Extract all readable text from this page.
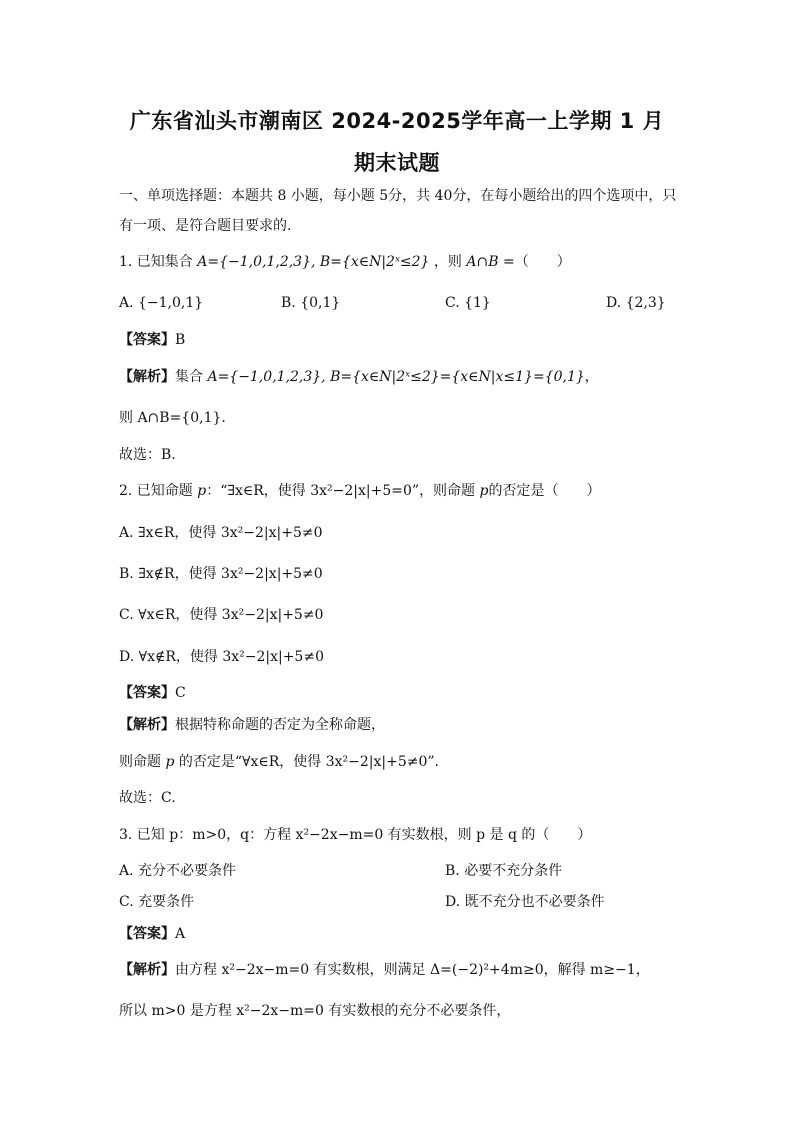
广东省汕头市潮南区 2024-2025学年高一上学期 1 月
期末试题
一、单项选择题：本题共 8 小题，每小题 5分，共 40分，在每小题给出的四个选项中，只
有一项、是符合题目要求的.
1. 已知集合 A={−1,0,1,2,3}, B={x∈N|2ˣ≤2} ，则 A∩B =（　　）
A. {−1,0,1}	B. {0,1}	C. {1}	D. {2,3}
【答案】B
【解析】集合 A={−1,0,1,2,3}, B={x∈N|2ˣ≤2}={x∈N|x≤1}={0,1}，
则 A∩B={0,1}.
故选：B.
2. 已知命题 p：“∃x∈R，使得 3x²−2|x|+5=0”，则命题 p的否定是（　　）
A. ∃x∈R，使得 3x²−2|x|+5≠0
B. ∃x∉R，使得 3x²−2|x|+5≠0
C. ∀x∈R，使得 3x²−2|x|+5≠0
D. ∀x∉R，使得 3x²−2|x|+5≠0
【答案】C
【解析】根据特称命题的否定为全称命题，
则命题 p 的否定是“∀x∈R，使得 3x²−2|x|+5≠0”.
故选：C.
3. 已知 p：m>0，q：方程 x²−2x−m=0 有实数根，则 p 是 q 的（　　）
A. 充分不必要条件	B. 必要不充分条件
C. 充要条件	D. 既不充分也不必要条件
【答案】A
【解析】由方程 x²−2x−m=0 有实数根，则满足 Δ=(−2)²+4m≥0，解得 m≥−1，
所以 m>0 是方程 x²−2x−m=0 有实数根的充分不必要条件，
